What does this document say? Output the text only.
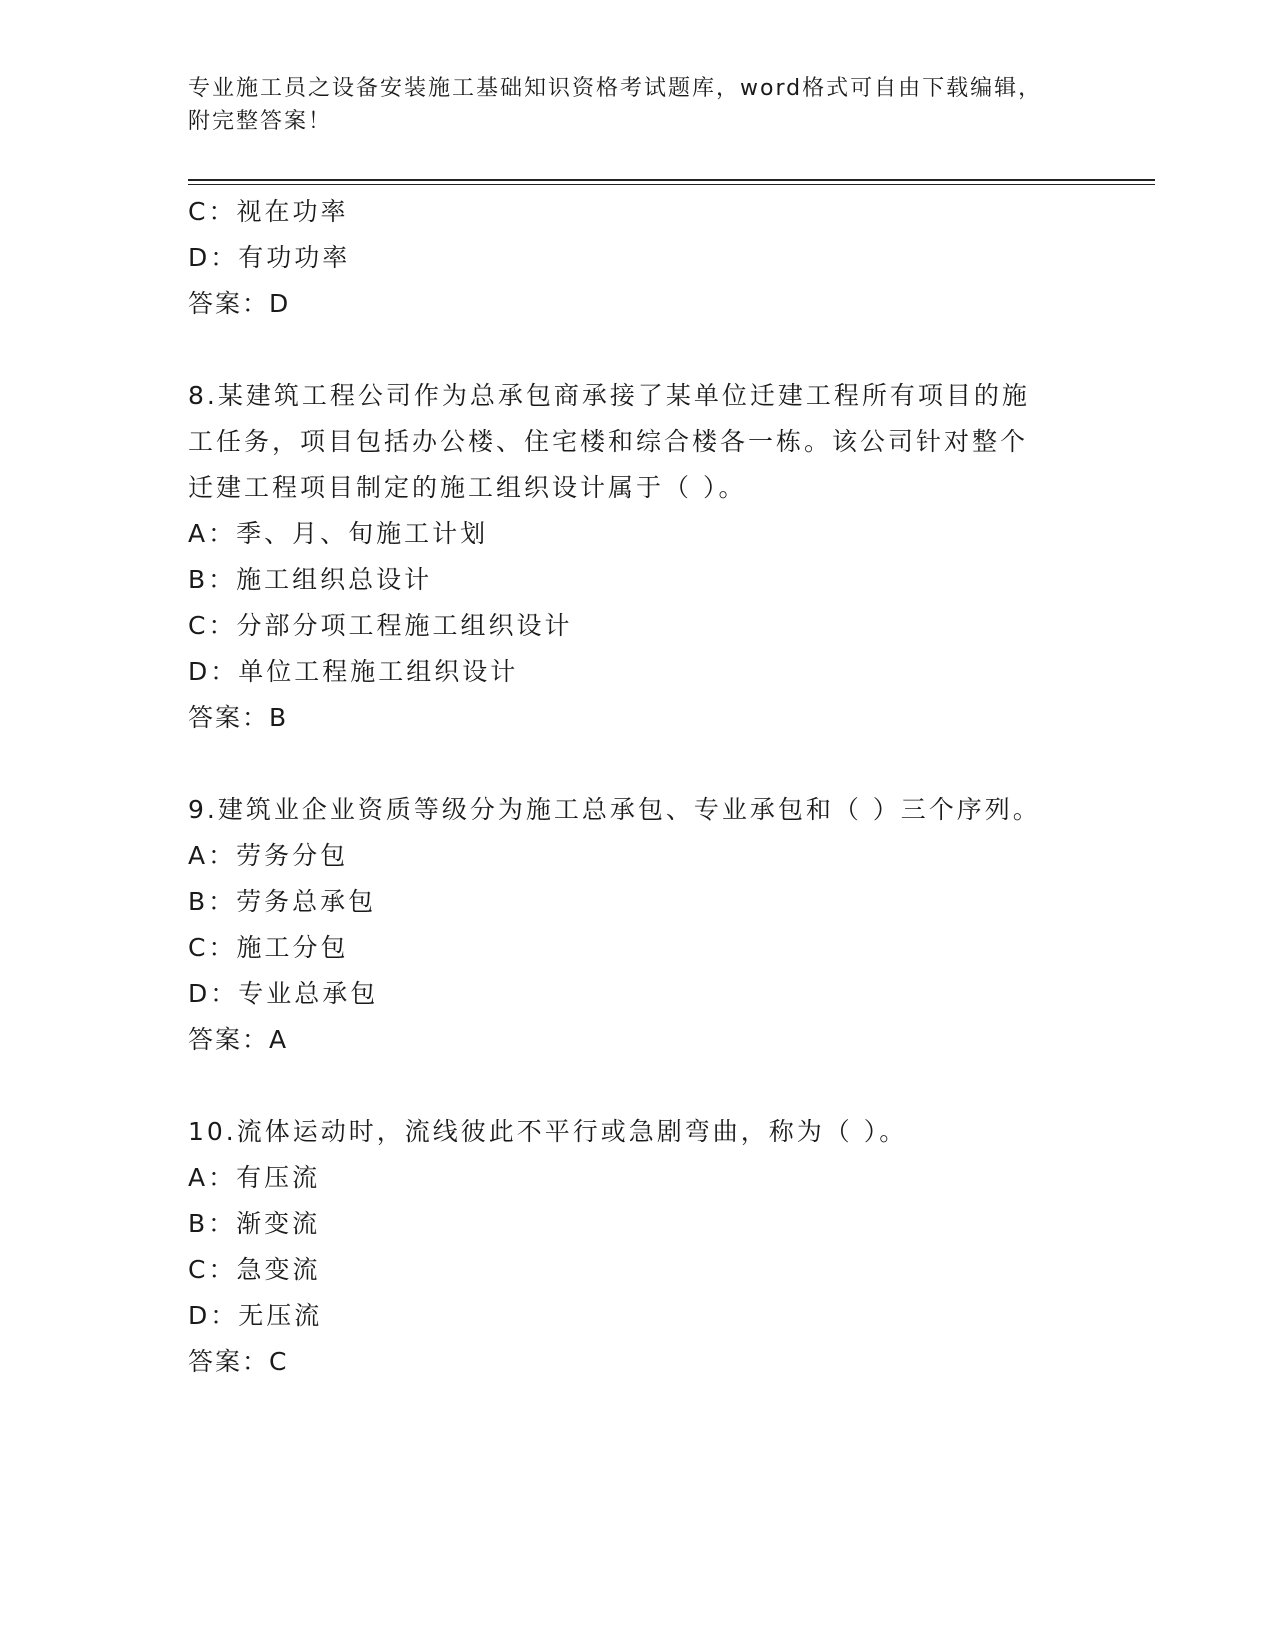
专业施工员之设备安装施工基础知识资格考试题库，word格式可自由下载编辑，
附完整答案！
C：视在功率
D：有功功率
答案：D
8.某建筑工程公司作为总承包商承接了某单位迁建工程所有项目的施
工任务，项目包括办公楼、住宅楼和综合楼各一栋。该公司针对整个
迁建工程项目制定的施工组织设计属于（ ）。
A：季、月、旬施工计划
B：施工组织总设计
C：分部分项工程施工组织设计
D：单位工程施工组织设计
答案：B
9.建筑业企业资质等级分为施工总承包、专业承包和（ ）三个序列。
A：劳务分包
B：劳务总承包
C：施工分包
D：专业总承包
答案：A
10.流体运动时，流线彼此不平行或急剧弯曲，称为（ ）。
A：有压流
B：渐变流
C：急变流
D：无压流
答案：C
